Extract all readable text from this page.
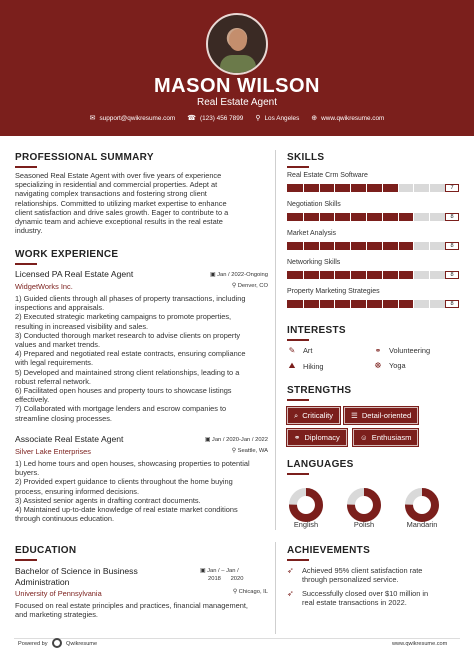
MASON WILSON
Real Estate Agent
✉ support@qwikresume.com ☎ (123) 456 7899 ⚲ Los Angeles ⊕ www.qwikresume.com
PROFESSIONAL SUMMARY
Seasoned Real Estate Agent with over five years of experience
specializing in residential and commercial properties. Adept at
navigating complex transactions and fostering strong client
relationships. Committed to utilizing market expertise to enhance
client satisfaction and drive sales growth. Eager to contribute to a
dynamic team and achieve exceptional results in the real estate
industry.
WORK EXPERIENCE
Licensed PA Real Estate Agent	▣ Jan / 2022-Ongoing
WidgetWorks Inc.	⚲ Denver, CO
1) Guided clients through all phases of property transactions, including
inspections and appraisals.
2) Executed strategic marketing campaigns to promote properties,
resulting in increased visibility and sales.
3) Conducted thorough market research to advise clients on property
values and market trends.
4) Prepared and negotiated real estate contracts, ensuring compliance
with legal requirements.
5) Developed and maintained strong client relationships, leading to a
robust referral network.
6) Facilitated open houses and property tours to showcase listings
effectively.
7) Collaborated with mortgage lenders and escrow companies to
streamline closing processes.
Associate Real Estate Agent	▣ Jan / 2020-Jan / 2022
Silver Lake Enterprises	⚲ Seattle, WA
1) Led home tours and open houses, showcasing properties to potential
buyers.
2) Provided expert guidance to clients throughout the home buying
process, ensuring informed decisions.
3) Assisted senior agents in drafting contract documents.
4) Maintained up-to-date knowledge of real estate market conditions
through continuous education.
EDUCATION
Bachelor of Science in Business
Administration
▣ Jan / – Jan /
2018 2020
University of Pennsylvania	⚲ Chicago, IL
Focused on real estate principles and practices, financial management,
and marketing strategies.
SKILLS
Real Estate Crm Software
7
Negotiation Skills
8
Market Analysis
8
Networking Skills
8
Property Marketing Strategies
8
INTERESTS
✎ Art	⚭ Volunteering
⛰ Hiking	☸ Yoga
STRENGTHS
⌕ Criticality ☰ Detail-oriented
⚭ Diplomacy	☺ Enthusiasm
LANGUAGES
English	Polish	Mandarin
ACHIEVEMENTS
➶ Achieved 95% client satisfaction rate
through personalized service.
➶ Successfully closed over $10 million in
real estate transactions in 2022.
Powered by	Qwikresume	www.qwikresume.com
